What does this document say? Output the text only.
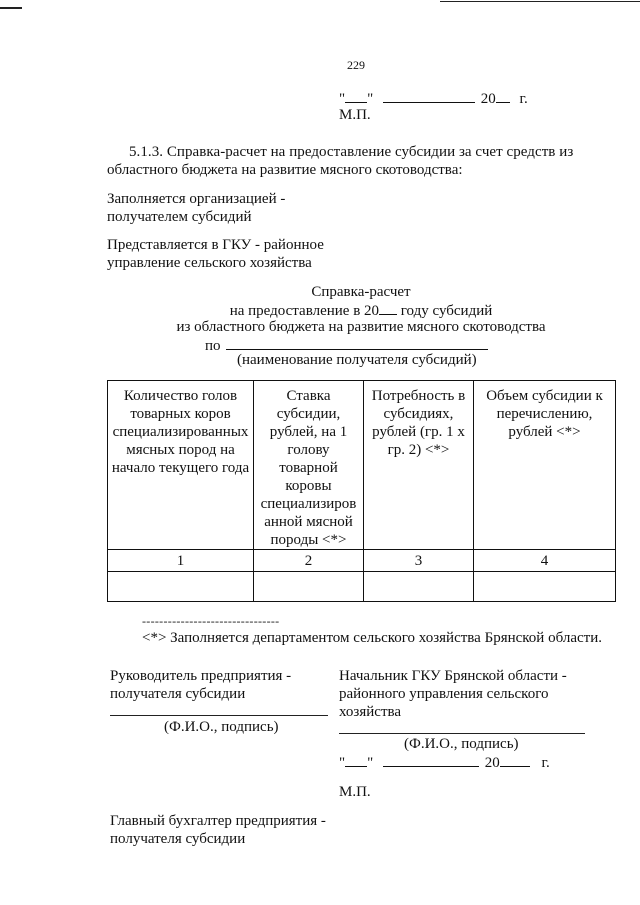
229
" "	20 г.
М.П.
5.1.3. Справка-расчет на предоставление субсидии за счет средств из
областного бюджета на развитие мясного скотоводства:
Заполняется организацией -
получателем субсидий
Представляется в ГКУ - районное
управление сельского хозяйства
Справка-расчет
на предоставление в 20 году субсидий
из областного бюджета на развитие мясного скотоводства
по
(наименование получателя субсидий)
Количество голов товарных коров специализированных мясных пород на начало текущего года	Ставка субсидии, рублей, на 1 голову товарной коровы специализиров анной мясной породы <*>	Потребность в субсидиях, рублей (гр. 1 х гр. 2) <*>	Объем субсидии к перечислению, рублей <*>
1	2	3	4

--------------------------------
<*> Заполняется департаментом сельского хозяйства Брянской области.
Руководитель предприятия -
получателя субсидии
(Ф.И.О., подпись)
Начальник ГКУ Брянской области -
районного управления сельского
хозяйства
(Ф.И.О., подпись)
" "	20	г.
М.П.
Главный бухгалтер предприятия -
получателя субсидии
